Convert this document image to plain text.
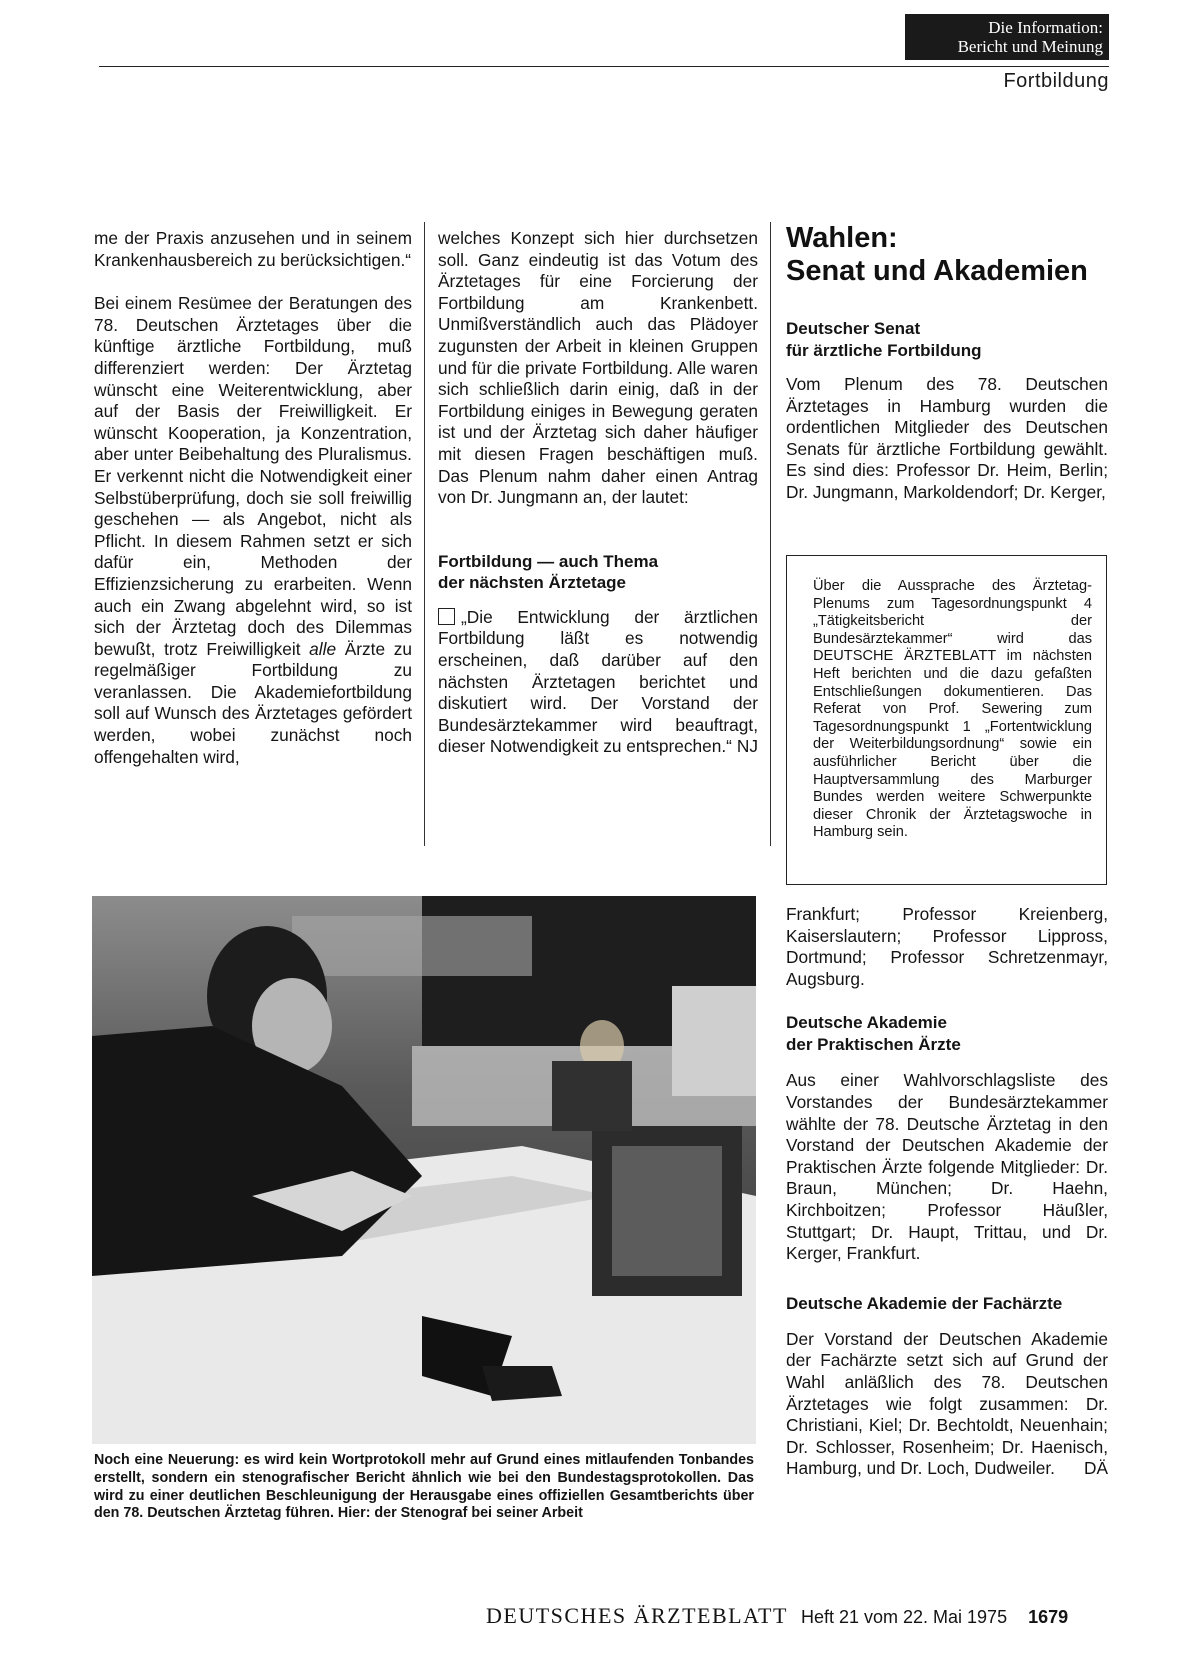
Die Information:
Bericht und Meinung
Fortbildung

me der Praxis anzusehen und in seinem Krankenhausbereich zu berücksichtigen.“

Bei einem Resümee der Beratungen des 78. Deutschen Ärztetages über die künftige ärztliche Fortbildung, muß differenziert werden: Der Ärztetag wünscht eine Weiterentwicklung, aber auf der Basis der Freiwilligkeit. Er wünscht Kooperation, ja Konzentration, aber unter Beibehaltung des Pluralismus. Er verkennt nicht die Notwendigkeit einer Selbstüberprüfung, doch sie soll freiwillig geschehen — als Angebot, nicht als Pflicht. In diesem Rahmen setzt er sich dafür ein, Methoden der Effizienzsicherung zu erarbeiten. Wenn auch ein Zwang abgelehnt wird, so ist sich der Ärztetag doch des Dilemmas bewußt, trotz Freiwilligkeit alle Ärzte zu regelmäßiger Fortbildung zu veranlassen. Die Akademiefortbildung soll auf Wunsch des Ärztetages gefördert werden, wobei zunächst noch offengehalten wird,

welches Konzept sich hier durchsetzen soll. Ganz eindeutig ist das Votum des Ärztetages für eine Forcierung der Fortbildung am Krankenbett. Unmißverständlich auch das Plädoyer zugunsten der Arbeit in kleinen Gruppen und für die private Fortbildung. Alle waren sich schließlich darin einig, daß in der Fortbildung einiges in Bewegung geraten ist und der Ärztetag sich daher häufiger mit diesen Fragen beschäftigen muß. Das Plenum nahm daher einen Antrag von Dr. Jungmann an, der lautet:

Fortbildung — auch Thema
der nächsten Ärztetage

„Die Entwicklung der ärztlichen Fortbildung läßt es notwendig erscheinen, daß darüber auf den nächsten Ärztetagen berichtet und diskutiert wird. Der Vorstand der Bundesärztekammer wird beauftragt, dieser Notwendigkeit zu entsprechen.“ NJ

Wahlen:
Senat und Akademien
Deutscher Senat
für ärztliche Fortbildung

Vom Plenum des 78. Deutschen Ärztetages in Hamburg wurden die ordentlichen Mitglieder des Deutschen Senats für ärztliche Fortbildung gewählt. Es sind dies: Professor Dr. Heim, Berlin; Dr. Jungmann, Markoldendorf; Dr. Kerger,

Über die Aussprache des Ärztetag-Plenums zum Tagesordnungspunkt 4 „Tätigkeitsbericht der Bundesärztekammer“ wird das DEUTSCHE ÄRZTEBLATT im nächsten Heft berichten und die dazu gefaßten Entschließungen dokumentieren. Das Referat von Prof. Sewering zum Tagesordnungspunkt 1 „Fortentwicklung der Weiterbildungsordnung“ sowie ein ausführlicher Bericht über die Hauptversammlung des Marburger Bundes werden weitere Schwerpunkte dieser Chronik der Ärztetagswoche in Hamburg sein.

Frankfurt; Professor Kreienberg, Kaiserslautern; Professor Lippross, Dortmund; Professor Schretzenmayr, Augsburg.

Deutsche Akademie
der Praktischen Ärzte

Aus einer Wahlvorschlagsliste des Vorstandes der Bundesärztekammer wählte der 78. Deutsche Ärztetag in den Vorstand der Deutschen Akademie der Praktischen Ärzte folgende Mitglieder: Dr. Braun, München; Dr. Haehn, Kirchboitzen; Professor Häußler, Stuttgart; Dr. Haupt, Trittau, und Dr. Kerger, Frankfurt.

Deutsche Akademie der Fachärzte

Der Vorstand der Deutschen Akademie der Fachärzte setzt sich auf Grund der Wahl anläßlich des 78. Deutschen Ärztetages wie folgt zusammen: Dr. Christiani, Kiel; Dr. Bechtoldt, Neuenhain; Dr. Schlosser, Rosenheim; Dr. Haenisch, Hamburg, und Dr. Loch, Dudweiler. DÄ

Noch eine Neuerung: es wird kein Wortprotokoll mehr auf Grund eines mitlaufenden Tonbandes erstellt, sondern ein stenografischer Bericht ähnlich wie bei den Bundestagsprotokollen. Das wird zu einer deutlichen Beschleunigung der Herausgabe eines offiziellen Gesamtberichts über den 78. Deutschen Ärztetag führen. Hier: der Stenograf bei seiner Arbeit
DEUTSCHES ÄRZTEBLATT Heft 21 vom 22. Mai 1975 1679
